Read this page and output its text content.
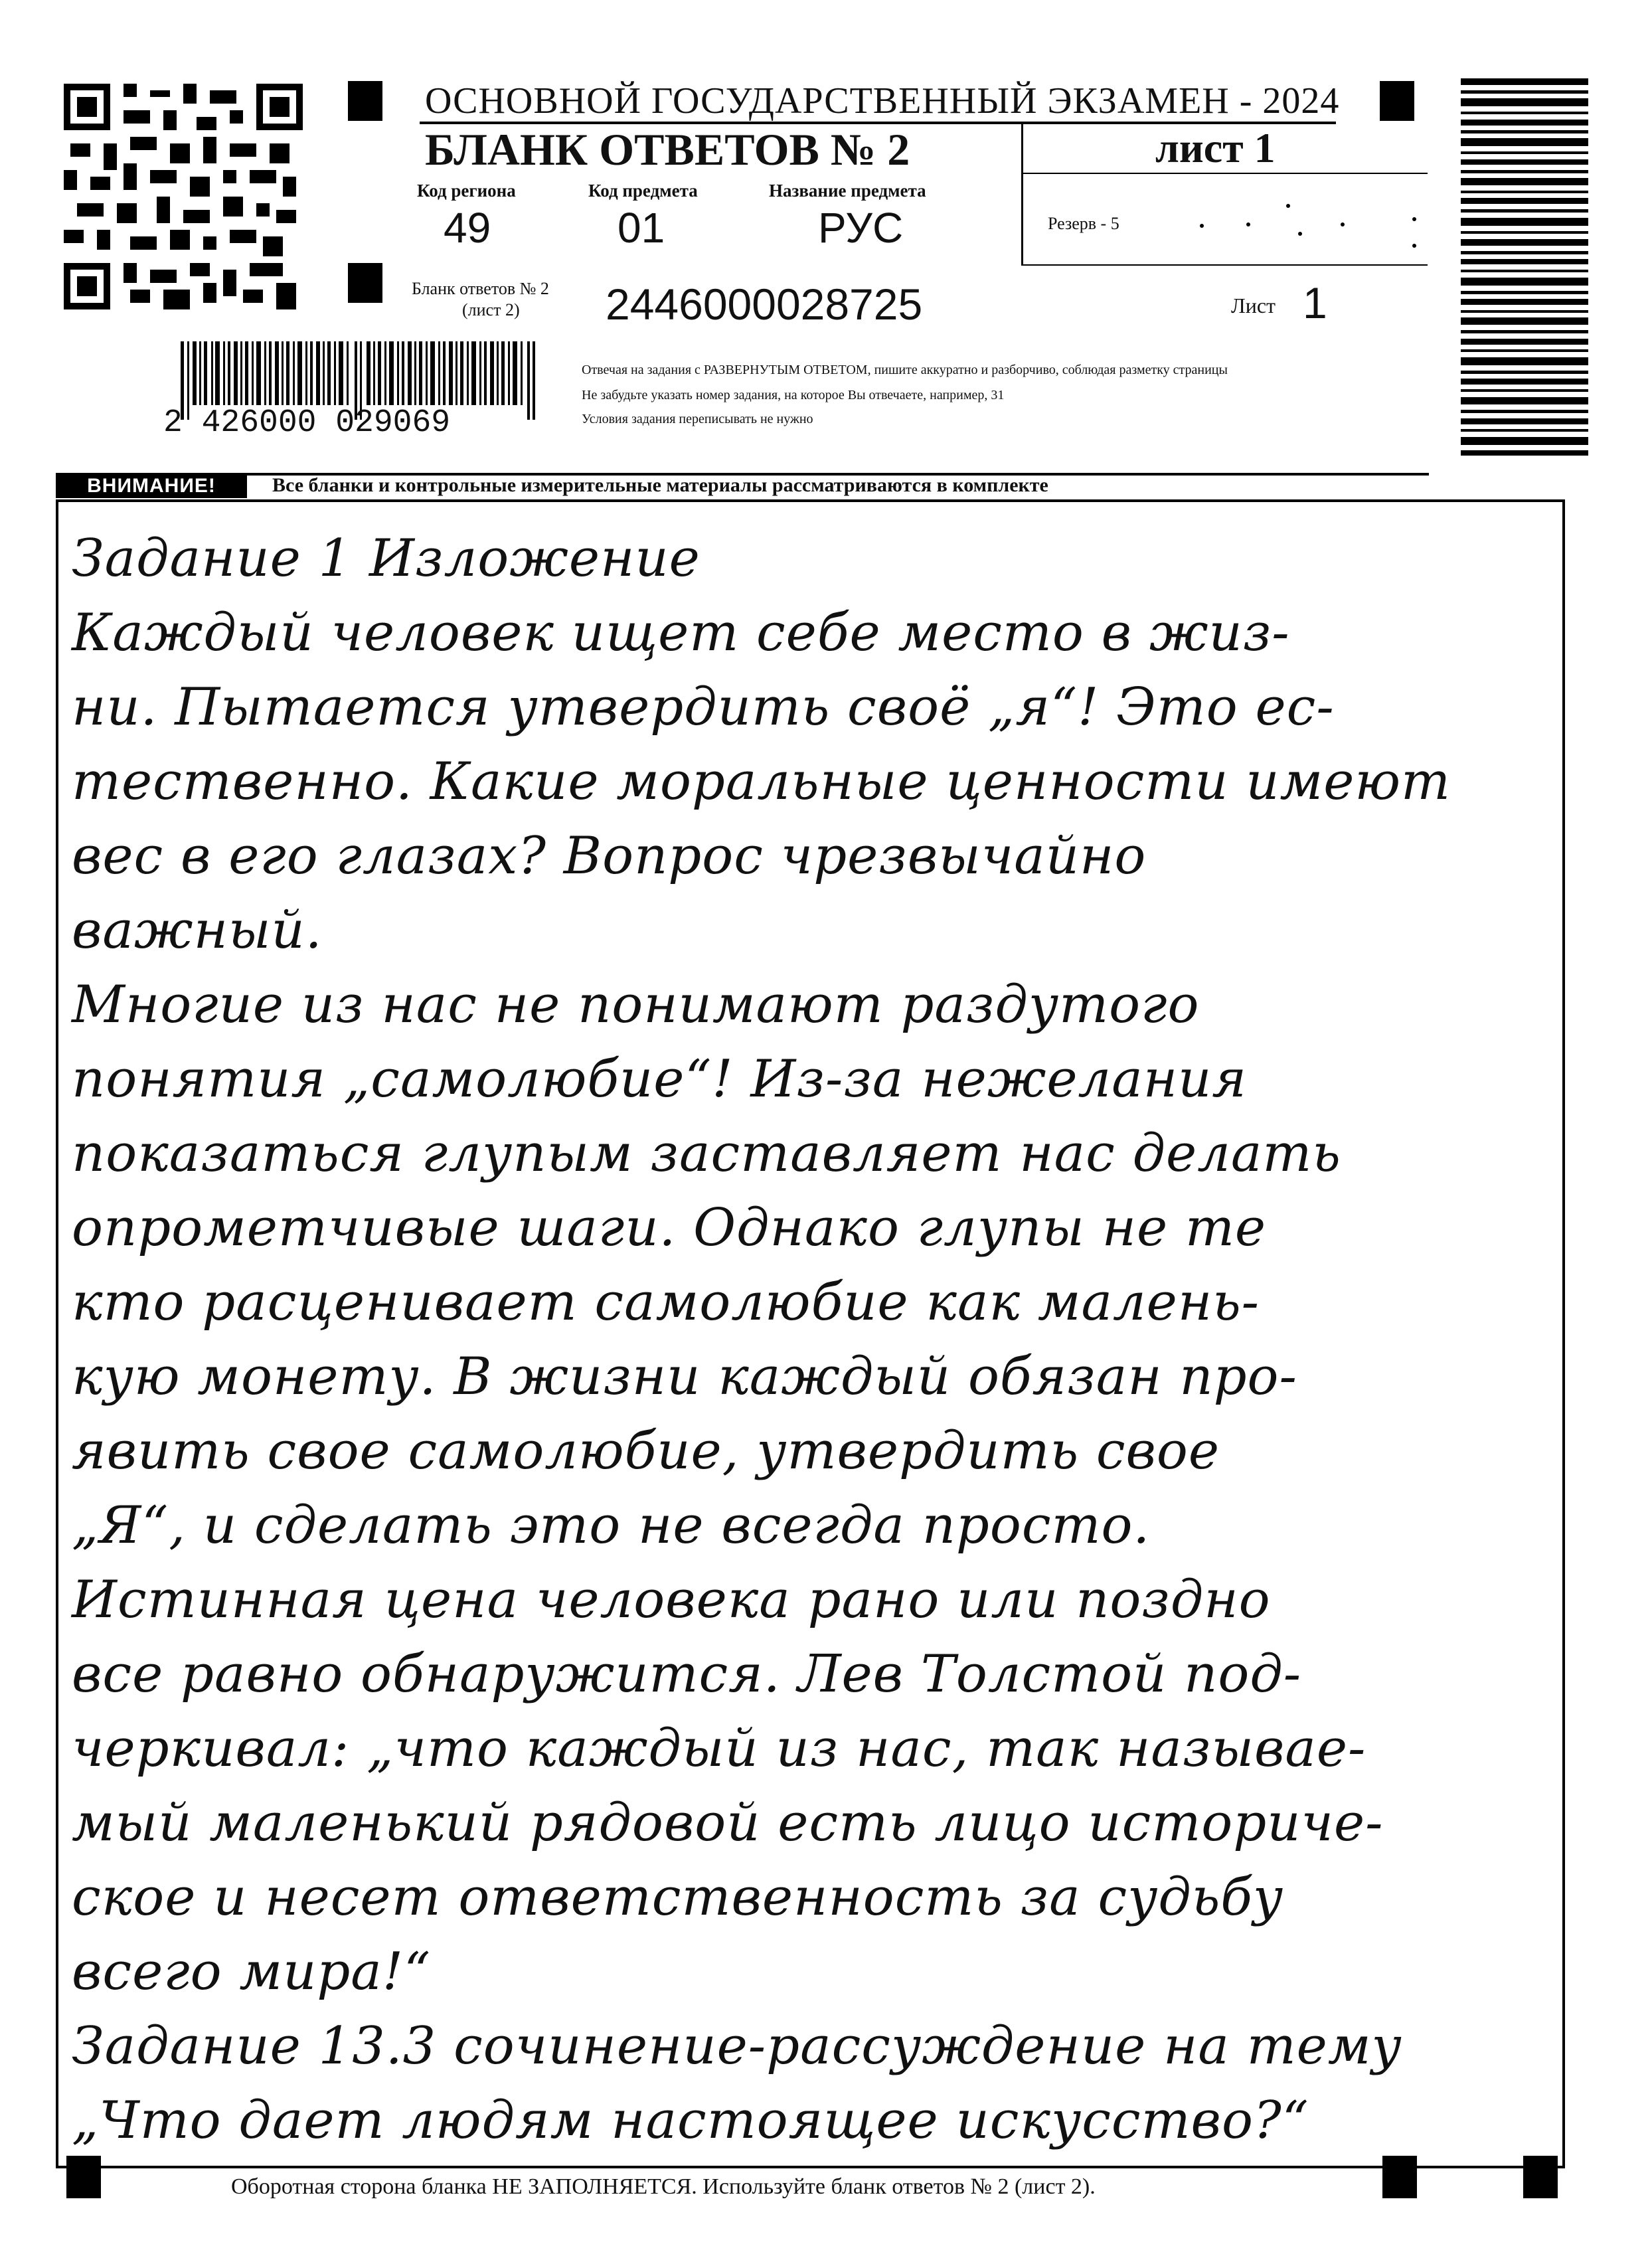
ОСНОВНОЙ ГОСУДАРСТВЕННЫЙ ЭКЗАМЕН - 2024
БЛАНК ОТВЕТОВ № 2	лист 1
Код региона
49
Код предмета
01
Название предмета
РУС	Резерв - 5
Бланк ответов № 2
(лист 2) 2446000028725	Лист 1
2 426000 029069
Отвечая на задания с РАЗВЕРНУТЫМ ОТВЕТОМ, пишите аккуратно и разборчиво, соблюдая разметку страницы
Не забудьте указать номер задания, на которое Вы отвечаете, например, 31
Условия задания переписывать не нужно
ВНИМАНИЕ!	Все бланки и контрольные измерительные материалы рассматриваются в комплекте
Задание 1 Изложение
Каждый человек ищет себе место в жиз-
ни. Пытается утвердить своё „я“! Это ес-
тественно. Какие моральные ценности имеют
вес в его глазах? Вопрос чрезвычайно
важный.
Многие из нас не понимают раздутого
понятия „самолюбие“! Из-за нежелания
показаться глупым заставляет нас делать
опрометчивые шаги. Однако глупы не те
кто расценивает самолюбие как малень-
кую монету. В жизни каждый обязан про-
явить свое самолюбие, утвердить свое
„Я“, и сделать это не всегда просто.
Истинная цена человека рано или поздно
все равно обнаружится. Лев Толстой под-
черкивал: „что каждый из нас, так называе-
мый маленький рядовой есть лицо историче-
ское и несет ответственность за судьбу
всего мира!“
Задание 13.3 сочинение-рассуждение на тему
„Что дает людям настоящее искусство?“
Оборотная сторона бланка НЕ ЗАПОЛНЯЕТСЯ. Используйте бланк ответов № 2 (лист 2).
